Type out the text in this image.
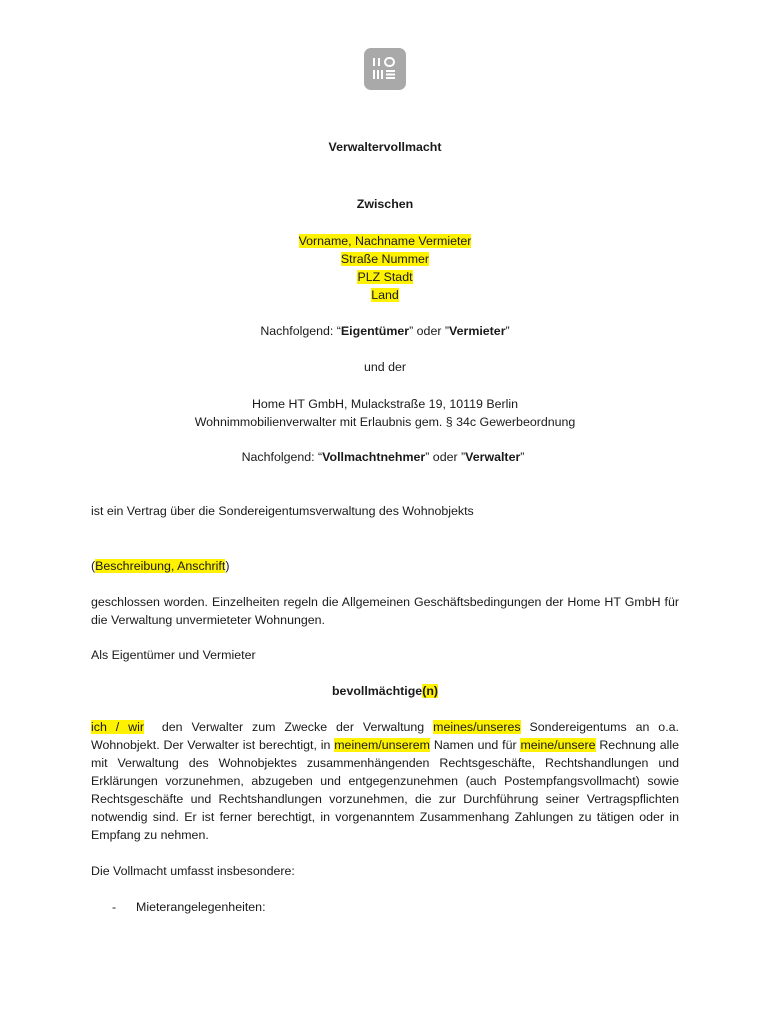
Verwaltervollmacht
Zwischen
Vorname, Nachname Vermieter
Straße Nummer
PLZ Stadt
Land
Nachfolgend: “Eigentümer” oder ”Vermieter”
und der
Home HT GmbH, Mulackstraße 19, 10119 Berlin
Wohnimmobilienverwalter mit Erlaubnis gem. § 34c Gewerbeordnung
Nachfolgend: “Vollmachtnehmer” oder ”Verwalter”
ist ein Vertrag über die Sondereigentumsverwaltung des Wohnobjekts
(Beschreibung, Anschrift)
geschlossen worden. Einzelheiten regeln die Allgemeinen Geschäftsbedingungen der Home HT GmbH für die Verwaltung unvermieteter Wohnungen.
Als Eigentümer und Vermieter
bevollmächtige(n)
ich / wir  den Verwalter zum Zwecke der Verwaltung meines/unseres Sondereigentums an o.a. Wohnobjekt. Der Verwalter ist berechtigt, in meinem/unserem Namen und für meine/unsere Rechnung alle mit Verwaltung des Wohnobjektes zusammenhängenden Rechtsgeschäfte, Rechtshandlungen und Erklärungen vorzunehmen, abzugeben und entgegenzunehmen (auch Postempfangsvollmacht) sowie Rechtsgeschäfte und Rechtshandlungen vorzunehmen, die zur Durchführung seiner Vertragspflichten notwendig sind. Er ist ferner berechtigt, in vorgenanntem Zusammenhang Zahlungen zu tätigen oder in Empfang zu nehmen.
Die Vollmacht umfasst insbesondere:
- Mieterangelegenheiten:
